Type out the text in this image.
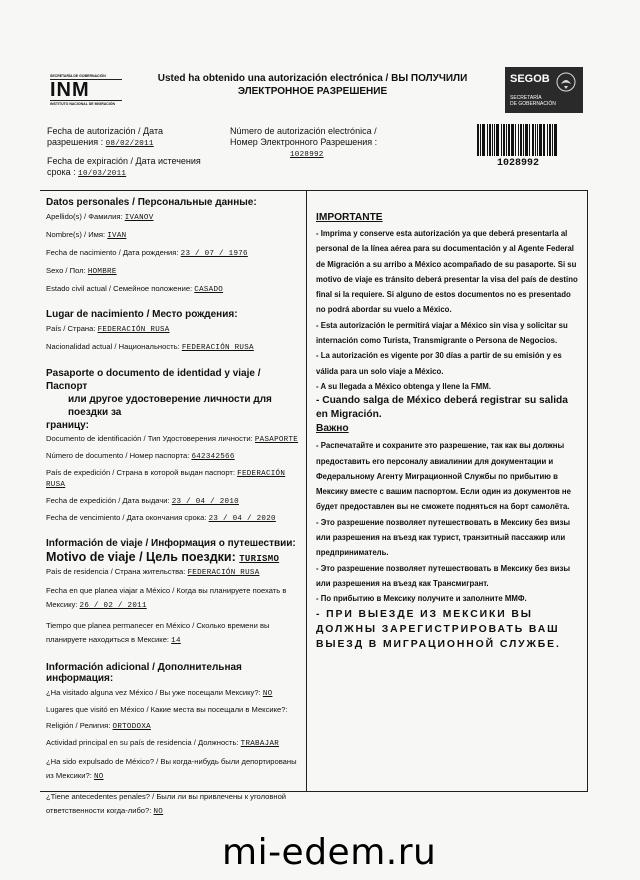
SECRETARÍA DE GOBERNACIÓN
INM
INSTITUTO NACIONAL DE MIGRACIÓN
Usted ha obtenido una autorización electrónica / ВЫ ПОЛУЧИЛИ
ЭЛЕКТРОННОЕ РАЗРЕШЕНИЕ
SEGOB
SECRETARÍA
DE GOBERNACIÓN
Fecha de autorización / Дата
разрешения : 08/02/2011
Fecha de expiración / Дата истечения
срока : 10/03/2011
Número de autorización electrónica /
Номер Электронного Разрешения :
1028992
1028992
Datos personales / Персональные данные:
Apellido(s) / Фамилия: IVANOV
Nombre(s) / Имя: IVAN
Fecha de nacimiento / Дата рождения: 23 / 07 / 1976
Sexo / Пол: HOMBRE
Estado civil actual / Семейное положение: CASADO
Lugar de nacimiento / Место рождения:
País / Страна: FEDERACIÓN RUSA
Nacionalidad actual / Национальность: FEDERACIÓN RUSA
Pasaporte o documento de identidad y viaje / Паспорт
или другое удостоверение личности для поездки за
границу:
Documento de identificación / Тип Удостоверения личности: PASAPORTE
Número de documento / Номер паспорта: 642342566
País de expedición / Страна в которой выдан паспорт: FEDERACIÓN
RUSA
Fecha de expedición / Дата выдачи: 23 / 04 / 2010
Fecha de vencimiento / Дата окончания срока: 23 / 04 / 2020
Información de viaje / Информация о путешествии:
Motivo de viaje / Цель поездки: TURISMO
País de residencia / Страна жительства: FEDERACIÓN RUSA
Fecha en que planea viajar a México / Когда вы планируете поехать в
Мексику: 26 / 02 / 2011
Tiempo que planea permanecer en México / Сколько времени вы
планируете находиться в Мексике: 14
Información adicional / Дополнительная информация:
¿Ha visitado alguna vez México / Вы уже посещали Мексику?: NO
Lugares que visitó en México / Какие места вы посещали в Мексике?:
Religión / Религия: ORTODOXA
Actividad principal en su país de residencia / Должность: TRABAJAR
¿Ha sido expulsado de México? / Вы когда-нибудь были депортированы
из Мексики?: NO
¿Tiene antecedentes penales? / Были ли вы привлечены к уголовной
ответственности когда-либо?: NO

IMPORTANTE

- Imprima y conserve esta autorización ya que deberá presentarla al personal de la línea aérea para su documentación y al Agente Federal de Migración a su arribo a México acompañado de su pasaporte. Si su motivo de viaje es tránsito deberá presentar la visa del país de destino final si la requiere. Si alguno de estos documentos no es presentado no podrá abordar su vuelo a México.

- Esta autorización le permitirá viajar a México sin visa y solicitar su internación como Turista, Transmigrante o Persona de Negocios.

- La autorización es vigente por 30 días a partir de su emisión y es válida para un solo viaje a México.

- A su llegada a México obtenga y llene la FMM.

- Cuando salga de México deberá registrar su salida en Migración.

Важно

- Распечатайте и сохраните это разрешение, так как вы должны предоставить его персоналу авиалинии для документации и Федеральному Агенту Миграционной Службы по прибытию в Мексику вместе с вашим паспортом. Если один из документов не будет предоставлен вы не сможете подняться на борт самолёта.

- Это разрешение позволяет путешествовать в Мексику без визы или разрешения на въезд как турист, транзитный пассажир или предприниматель.

- Это разрешение позволяет путешествовать в Мексику без визы или разрешения на въезд как Трансмигрант.

- По прибытию в Мексику получите и заполните ММФ.

- ПРИ ВЫЕЗДЕ ИЗ МЕКСИКИ ВЫ ДОЛЖНЫ ЗАРЕГИСТРИРОВАТЬ ВАШ ВЫЕЗД В МИГРАЦИОННОЙ СЛУЖБЕ.

mi-edem.ru
